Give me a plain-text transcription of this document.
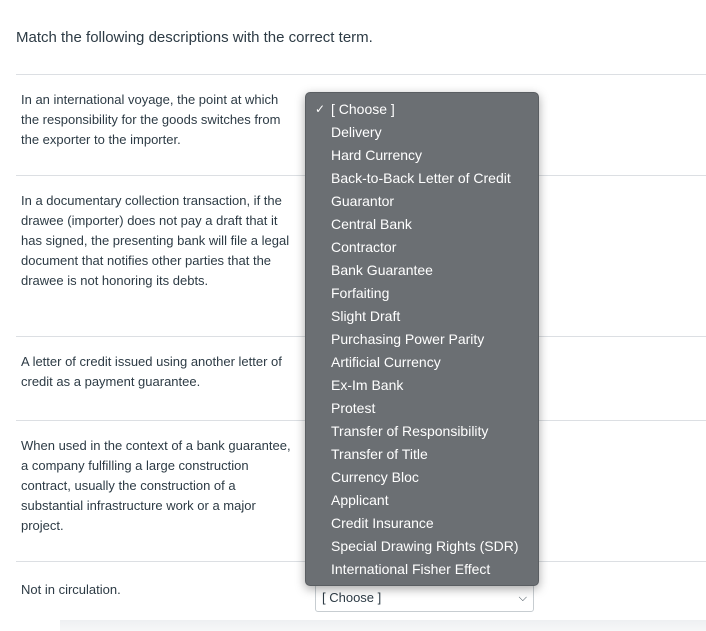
Match the following descriptions with the correct term.
In an international voyage, the point at which the responsibility for the goods switches from the exporter to the importer.
In a documentary collection transaction, if the drawee (importer) does not pay a draft that it has signed, the presenting bank will file a legal document that notifies other parties that the drawee is not honoring its debts.
A letter of credit issued using another letter of credit as a payment guarantee.
When used in the context of a bank guarantee, a company fulfilling a large construction contract, usually the construction of a substantial infrastructure work or a major project.
Not in circulation.
[ Choose ]	⌵
✓ [ Choose ]
Delivery
Hard Currency
Back-to-Back Letter of Credit
Guarantor
Central Bank
Contractor
Bank Guarantee
Forfaiting
Slight Draft
Purchasing Power Parity
Artificial Currency
Ex-Im Bank
Protest
Transfer of Responsibility
Transfer of Title
Currency Bloc
Applicant
Credit Insurance
Special Drawing Rights (SDR)
International Fisher Effect
